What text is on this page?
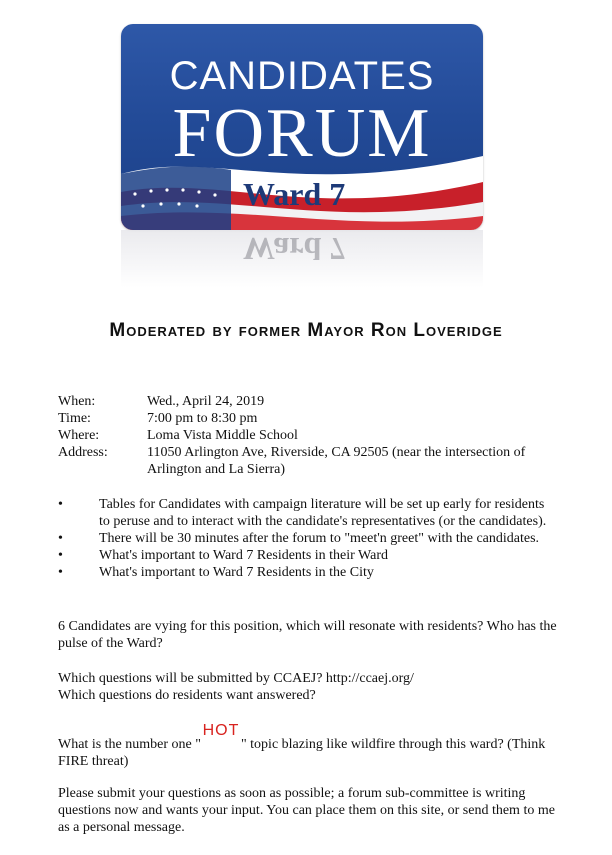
CANDIDATES
FORUM
Ward 7
Ward 7
Moderated by former Mayor Ron Loveridge
When:	Wed., April 24, 2019
Time:	7:00 pm to 8:30 pm
Where:	Loma Vista Middle School
Address:	11050 Arlington Ave, Riverside, CA 92505 (near the intersection of Arlington and La Sierra)
•	Tables for Candidates with campaign literature will be set up early for residents to peruse and to interact with the candidate's representatives (or the candidates).
•	There will be 30 minutes after the forum to "meet'n greet" with the candidates.
•	What's important to Ward 7 Residents in their Ward
•	What's important to Ward 7 Residents in the City

6 Candidates are vying for this position, which will resonate with residents? Who has the pulse of the Ward?

Which questions will be submitted by CCAEJ? http://ccaej.org/
Which questions do residents want answered?

What is the number one "
HOT
" topic blazing like wildfire through this ward? (Think FIRE threat)

Please submit your questions as soon as possible; a forum sub-committee is writing questions now and wants your input. You can place them on this site, or send them to me as a personal message.
